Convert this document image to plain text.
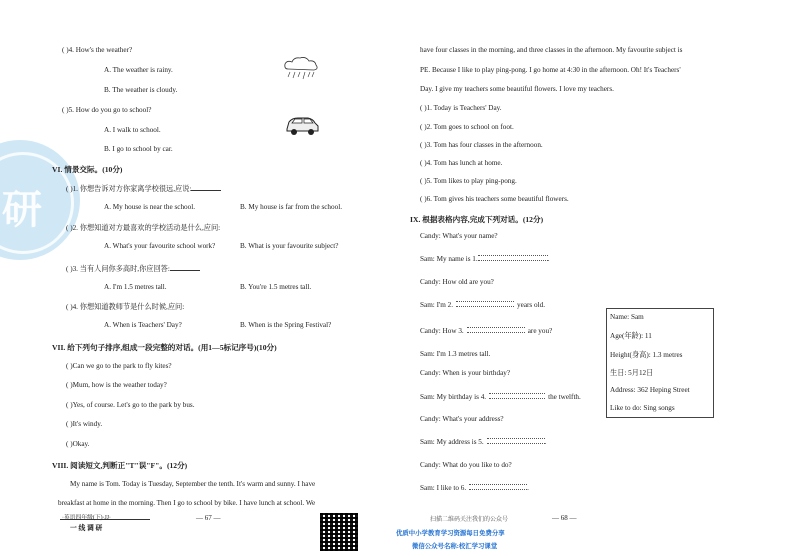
研
( )4. How's the weather?
A. The weather is rainy.
B. The weather is cloudy.
( )5. How do you go to school?
A. I walk to school.
B. I go to school by car.
VI. 情景交际。(10分)
( )1. 你想告诉对方你家离学校很远,应说:
A. My house is near the school.	B. My house is far from the school.
( )2. 你想知道对方最喜欢的学校活动是什么,应问:
A. What's your favourite school work?	B. What is your favourite subject?
( )3. 当有人问你多高时,你应回答:
A. I'm 1.5 metres tall.	B. You're 1.5 metres tall.
( )4. 你想知道教师节是什么时候,应问:
A. When is Teachers' Day?	B. When is the Spring Festival?
VII. 给下列句子排序,组成一段完整的对话。(用1—5标记序号)(10分)
( )Can we go to the park to fly kites?
( )Mum, how is the weather today?
( )Yes, of course. Let's go to the park by bus.
( )It's windy.
( )Okay.
VIII. 阅读短文,判断正"T"误"F"。(12分)
My name is Tom. Today is Tuesday, September the tenth. It's warm and sunny. I have
breakfast at home in the morning. Then I go to school by bike. I have lunch at school. We
·英语四年级(下)·JJ·
一 线 调 研
— 67 —
have four classes in the morning, and three classes in the afternoon. My favourite subject is
PE. Because I like to play ping-pong. I go home at 4:30 in the afternoon. Oh! It's Teachers'
Day. I give my teachers some beautiful flowers. I love my teachers.
( )1. Today is Teachers' Day.
( )2. Tom goes to school on foot.
( )3. Tom has four classes in the afternoon.
( )4. Tom has lunch at home.
( )5. Tom likes to play ping-pong.
( )6. Tom gives his teachers some beautiful flowers.
IX. 根据表格内容,完成下列对话。(12分)
Candy: What's your name?
Sam: My name is 1.	.
Candy: How old are you?
Sam: I'm 2.	years old.
Candy: How 3.	are you?
Sam: I'm 1.3 metres tall.
Candy: When is your birthday?
Sam: My birthday is 4.	the twelfth.
Candy: What's your address?
Sam: My address is 5.	.
Candy: What do you like to do?
Sam: I like to 6.	.
Name: Sam
Age(年龄): 11
Height(身高): 1.3 metres
生日: 5月12日
Address: 362 Heping Street
Like to do: Sing songs
扫描二维码关注我们的公众号
优质中小学教育学习资源每日免费分享
微信公众号名称:校汇学习课堂
— 68 —
